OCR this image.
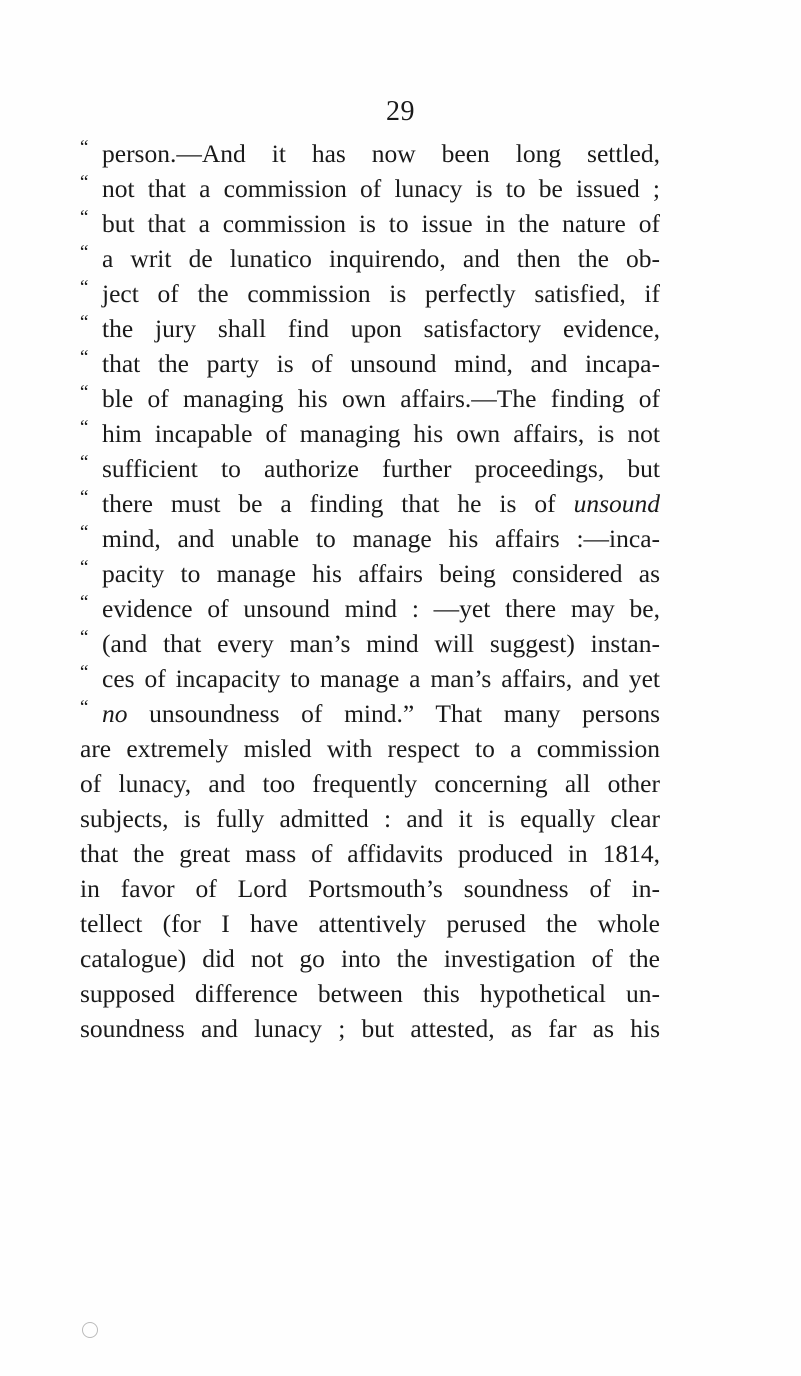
29
“ person.—And it has now been long settled,
“ not that a commission of lunacy is to be issued ;
“ but that a commission is to issue in the nature of
“ a writ de lunatico inquirendo, and then the ob-
“ ject of the commission is perfectly satisfied, if
“ the jury shall find upon satisfactory evidence,
“ that the party is of unsound mind, and incapa-
“ ble of managing his own affairs.—The finding of
“ him incapable of managing his own affairs, is not
“ sufficient to authorize further proceedings, but
“ there must be a finding that he is of unsound
“ mind, and unable to manage his affairs :—inca-
“ pacity to manage his affairs being considered as
“ evidence of unsound mind : —yet there may be,
“ (and that every man’s mind will suggest) instan-
“ ces of incapacity to manage a man’s affairs, and yet
“ no unsoundness of mind.” That many persons
are extremely misled with respect to a commission
of lunacy, and too frequently concerning all other
subjects, is fully admitted : and it is equally clear
that the great mass of affidavits produced in 1814,
in favor of Lord Portsmouth’s soundness of in-
tellect (for I have attentively perused the whole
catalogue) did not go into the investigation of the
supposed difference between this hypothetical un-
soundness and lunacy ; but attested, as far as his
